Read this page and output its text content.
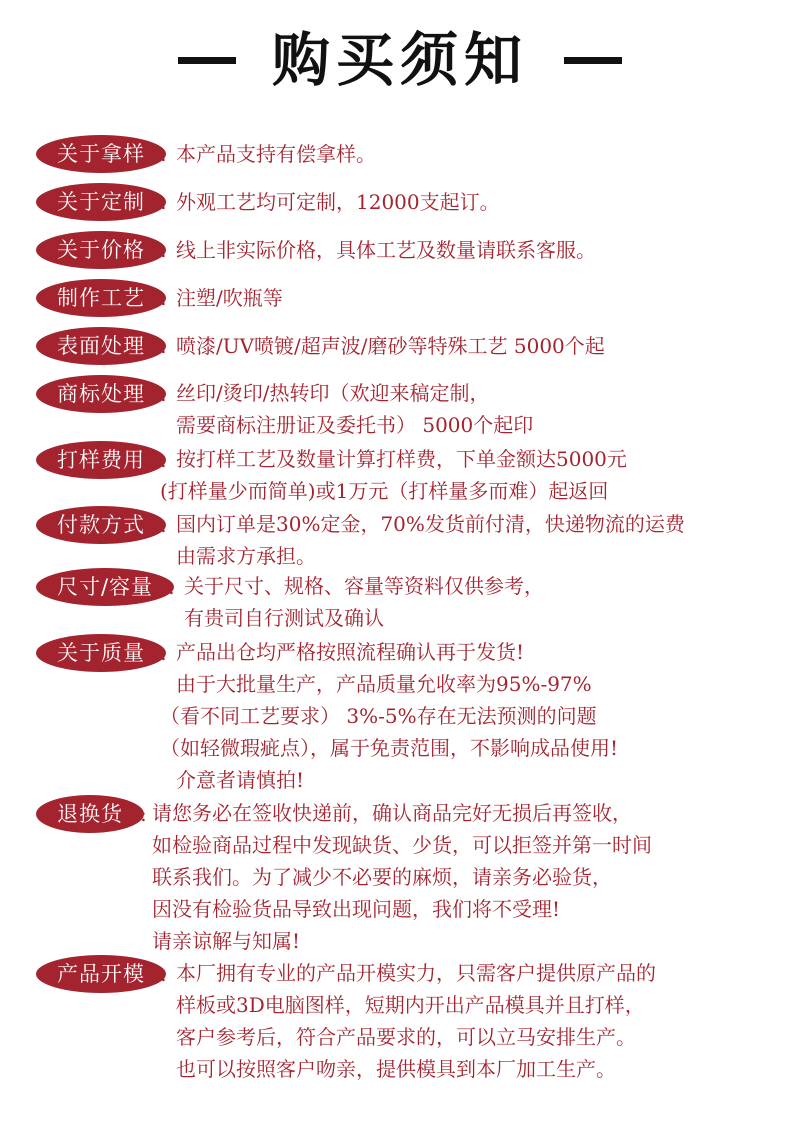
购买须知
关于拿样 : 本产品支持有偿拿样。
关于定制 : 外观工艺均可定制，12000支起订。
关于价格 : 线上非实际价格，具体工艺及数量请联系客服。
制作工艺 : 注塑/吹瓶等
表面处理 : 喷漆/UV喷镀/超声波/磨砂等特殊工艺 5000个起
商标处理 : 丝印/烫印/热转印（欢迎来稿定制，
需要商标注册证及委托书） 5000个起印
打样费用 : 按打样工艺及数量计算打样费，下单金额达5000元
(打样量少而简单)或1万元（打样量多而难）起返回
付款方式 : 国内订单是30%定金，70%发货前付清，快递物流的运费
由需求方承担。
尺寸/容量 : 关于尺寸、规格、容量等资料仅供参考，
有贵司自行测试及确认
关于质量 : 产品出仓均严格按照流程确认再于发货!
由于大批量生产，产品质量允收率为95%-97%
（看不同工艺要求） 3%-5%存在无法预测的问题
（如轻微瑕疵点），属于免责范围，不影响成品使用!
介意者请慎拍!
退换货 : 请您务必在签收快递前，确认商品完好无损后再签收，
如检验商品过程中发现缺货、少货，可以拒签并第一时间
联系我们。为了减少不必要的麻烦，请亲务必验货，
因没有检验货品导致出现问题，我们将不受理!
请亲谅解与知属!
产品开模 : 本厂拥有专业的产品开模实力，只需客户提供原产品的
样板或3D电脑图样，短期内开出产品模具并且打样，
客户参考后，符合产品要求的，可以立马安排生产。
也可以按照客户吻亲，提供模具到本厂加工生产。
